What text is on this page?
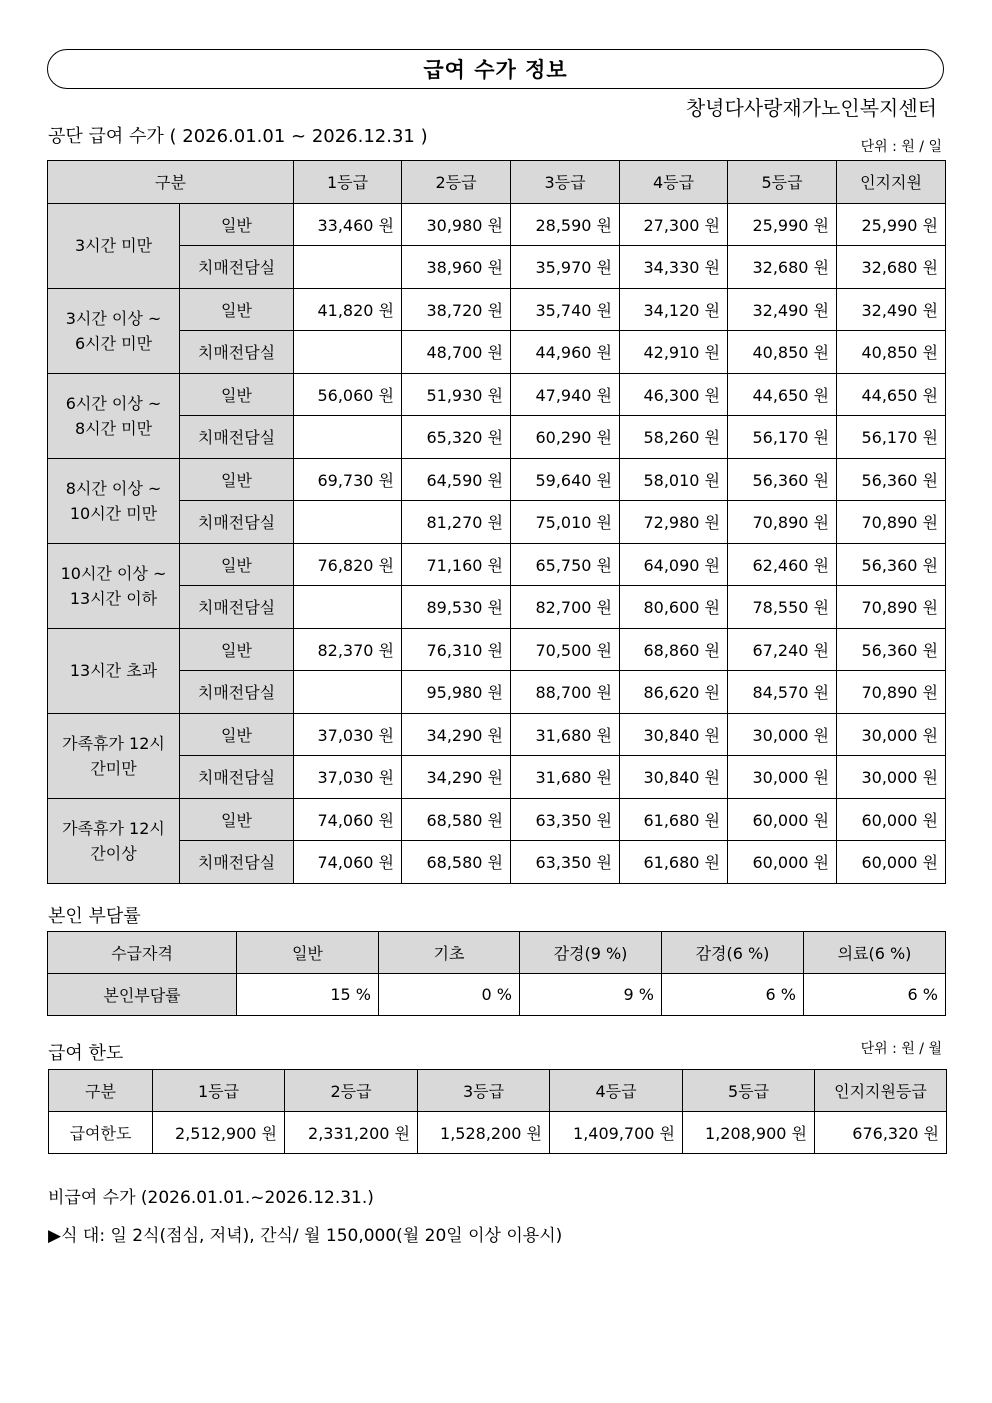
급여 수가 정보
창녕다사랑재가노인복지센터
공단 급여 수가 ( 2026.01.01 ~ 2026.12.31 )	단위 : 원 / 일
구분		1등급	2등급	3등급	4등급	5등급	인지지원
3시간 미만	일반	33,460 원	30,980 원	28,590 원	27,300 원	25,990 원	25,990 원
	치매전담실		38,960 원	35,970 원	34,330 원	32,680 원	32,680 원
3시간 이상 ~
6시간 미만	일반	41,820 원	38,720 원	35,740 원	34,120 원	32,490 원	32,490 원
	치매전담실		48,700 원	44,960 원	42,910 원	40,850 원	40,850 원
6시간 이상 ~
8시간 미만	일반	56,060 원	51,930 원	47,940 원	46,300 원	44,650 원	44,650 원
	치매전담실		65,320 원	60,290 원	58,260 원	56,170 원	56,170 원
8시간 이상 ~
10시간 미만	일반	69,730 원	64,590 원	59,640 원	58,010 원	56,360 원	56,360 원
	치매전담실		81,270 원	75,010 원	72,980 원	70,890 원	70,890 원
10시간 이상 ~
13시간 이하	일반	76,820 원	71,160 원	65,750 원	64,090 원	62,460 원	56,360 원
	치매전담실		89,530 원	82,700 원	80,600 원	78,550 원	70,890 원
13시간 초과	일반	82,370 원	76,310 원	70,500 원	68,860 원	67,240 원	56,360 원
	치매전담실		95,980 원	88,700 원	86,620 원	84,570 원	70,890 원
가족휴가 12시
간미만	일반	37,030 원	34,290 원	31,680 원	30,840 원	30,000 원	30,000 원
	치매전담실	37,030 원	34,290 원	31,680 원	30,840 원	30,000 원	30,000 원
가족휴가 12시
간이상	일반	74,060 원	68,580 원	63,350 원	61,680 원	60,000 원	60,000 원
	치매전담실	74,060 원	68,580 원	63,350 원	61,680 원	60,000 원	60,000 원
본인 부담률
수급자격	일반	기초	감경(9 %)	감경(6 %)	의료(6 %)
본인부담률	15 %	0 %	9 %	6 %	6 %
급여 한도	단위 : 원 / 월
구분	1등급	2등급	3등급	4등급	5등급	인지지원등급
급여한도	2,512,900 원	2,331,200 원	1,528,200 원	1,409,700 원	1,208,900 원	676,320 원
비급여 수가 (2026.01.01.~2026.12.31.)
▶식 대: 일 2식(점심, 저녁), 간식/ 월 150,000(월 20일 이상 이용시)
